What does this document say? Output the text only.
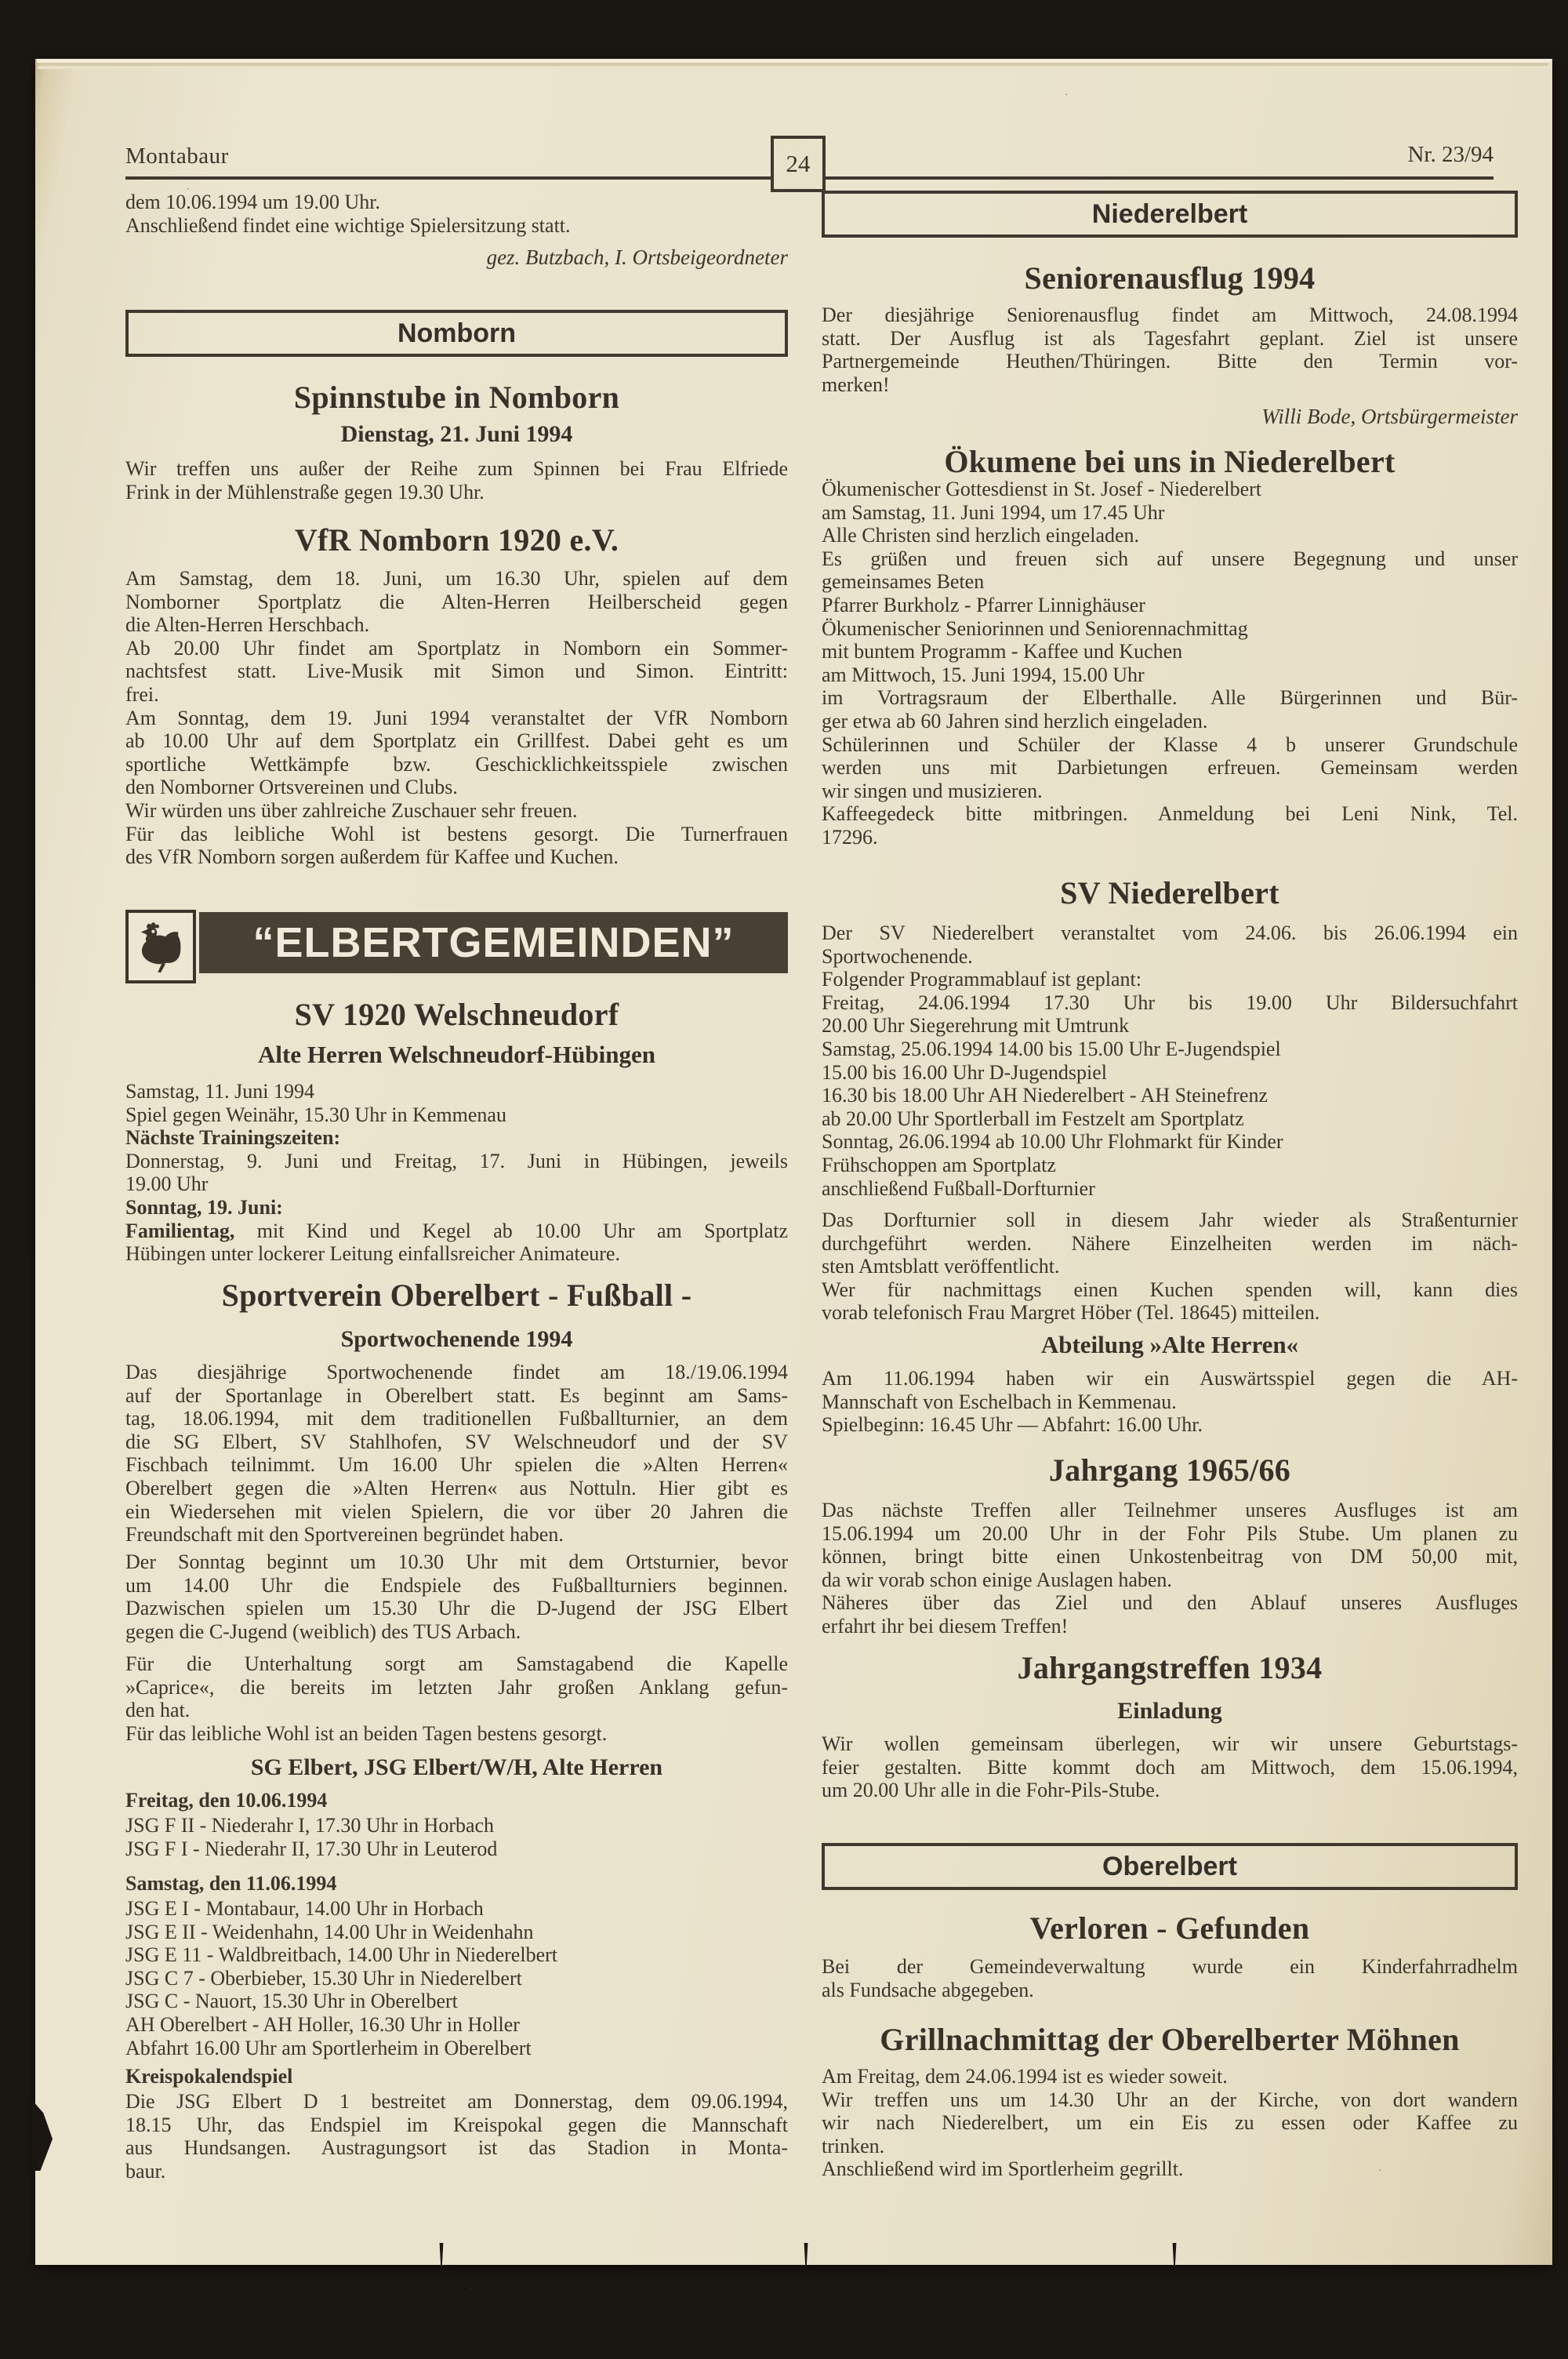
Montabaur	24	Nr. 23/94
dem 10.06.1994 um 19.00 Uhr.
Anschließend findet eine wichtige Spielersitzung statt.
gez. Butzbach, I. Ortsbeigeordneter
Nomborn
Spinnstube in Nomborn
Dienstag, 21. Juni 1994
Wir treffen uns außer der Reihe zum Spinnen bei Frau Elfriede
Frink in der Mühlenstraße gegen 19.30 Uhr.
VfR Nomborn 1920 e.V.
Am Samstag, dem 18. Juni, um 16.30 Uhr, spielen auf dem
Nomborner Sportplatz die Alten-Herren Heilberscheid gegen
die Alten-Herren Herschbach.
Ab 20.00 Uhr findet am Sportplatz in Nomborn ein Sommer-
nachtsfest statt. Live-Musik mit Simon und Simon. Eintritt:
frei.
Am Sonntag, dem 19. Juni 1994 veranstaltet der VfR Nomborn
ab 10.00 Uhr auf dem Sportplatz ein Grillfest. Dabei geht es um
sportliche Wettkämpfe bzw. Geschicklichkeitsspiele zwischen
den Nomborner Ortsvereinen und Clubs.
Wir würden uns über zahlreiche Zuschauer sehr freuen.
Für das leibliche Wohl ist bestens gesorgt. Die Turnerfrauen
des VfR Nomborn sorgen außerdem für Kaffee und Kuchen.
“ELBERTGEMEINDEN”
SV 1920 Welschneudorf
Alte Herren Welschneudorf-Hübingen
Samstag, 11. Juni 1994
Spiel gegen Weinähr, 15.30 Uhr in Kemmenau
Nächste Trainingszeiten:
Donnerstag, 9. Juni und Freitag, 17. Juni in Hübingen, jeweils
19.00 Uhr
Sonntag, 19. Juni:
Familientag, mit Kind und Kegel ab 10.00 Uhr am Sportplatz
Hübingen unter lockerer Leitung einfallsreicher Animateure.
Sportverein Oberelbert - Fußball -
Sportwochenende 1994
Das diesjährige Sportwochenende findet am 18./19.06.1994
auf der Sportanlage in Oberelbert statt. Es beginnt am Sams-
tag, 18.06.1994, mit dem traditionellen Fußballturnier, an dem
die SG Elbert, SV Stahlhofen, SV Welschneudorf und der SV
Fischbach teilnimmt. Um 16.00 Uhr spielen die »Alten Herren«
Oberelbert gegen die »Alten Herren« aus Nottuln. Hier gibt es
ein Wiedersehen mit vielen Spielern, die vor über 20 Jahren die
Freundschaft mit den Sportvereinen begründet haben.
Der Sonntag beginnt um 10.30 Uhr mit dem Ortsturnier, bevor
um 14.00 Uhr die Endspiele des Fußballturniers beginnen.
Dazwischen spielen um 15.30 Uhr die D-Jugend der JSG Elbert
gegen die C-Jugend (weiblich) des TUS Arbach.
Für die Unterhaltung sorgt am Samstagabend die Kapelle
»Caprice«, die bereits im letzten Jahr großen Anklang gefun-
den hat.
Für das leibliche Wohl ist an beiden Tagen bestens gesorgt.
SG Elbert, JSG Elbert/W/H, Alte Herren
Freitag, den 10.06.1994
JSG F II - Niederahr I, 17.30 Uhr in Horbach
JSG F I - Niederahr II, 17.30 Uhr in Leuterod
Samstag, den 11.06.1994
JSG E I - Montabaur, 14.00 Uhr in Horbach
JSG E II - Weidenhahn, 14.00 Uhr in Weidenhahn
JSG E 11 - Waldbreitbach, 14.00 Uhr in Niederelbert
JSG C 7 - Oberbieber, 15.30 Uhr in Niederelbert
JSG C - Nauort, 15.30 Uhr in Oberelbert
AH Oberelbert - AH Holler, 16.30 Uhr in Holler
Abfahrt 16.00 Uhr am Sportlerheim in Oberelbert
Kreispokalendspiel
Die JSG Elbert D 1 bestreitet am Donnerstag, dem 09.06.1994,
18.15 Uhr, das Endspiel im Kreispokal gegen die Mannschaft
aus Hundsangen. Austragungsort ist das Stadion in Monta-
baur.
Niederelbert
Seniorenausflug 1994
Der diesjährige Seniorenausflug findet am Mittwoch, 24.08.1994
statt. Der Ausflug ist als Tagesfahrt geplant. Ziel ist unsere
Partnergemeinde Heuthen/Thüringen. Bitte den Termin vor-
merken!
Willi Bode, Ortsbürgermeister
Ökumene bei uns in Niederelbert
Ökumenischer Gottesdienst in St. Josef - Niederelbert
am Samstag, 11. Juni 1994, um 17.45 Uhr
Alle Christen sind herzlich eingeladen.
Es grüßen und freuen sich auf unsere Begegnung und unser
gemeinsames Beten
Pfarrer Burkholz - Pfarrer Linnighäuser
Ökumenischer Seniorinnen und Seniorennachmittag
mit buntem Programm - Kaffee und Kuchen
am Mittwoch, 15. Juni 1994, 15.00 Uhr
im Vortragsraum der Elberthalle. Alle Bürgerinnen und Bür-
ger etwa ab 60 Jahren sind herzlich eingeladen.
Schülerinnen und Schüler der Klasse 4 b unserer Grundschule
werden uns mit Darbietungen erfreuen. Gemeinsam werden
wir singen und musizieren.
Kaffeegedeck bitte mitbringen. Anmeldung bei Leni Nink, Tel.
17296.
SV Niederelbert
Der SV Niederelbert veranstaltet vom 24.06. bis 26.06.1994 ein
Sportwochenende.
Folgender Programmablauf ist geplant:
Freitag, 24.06.1994 17.30 Uhr bis 19.00 Uhr Bildersuchfahrt
20.00 Uhr Siegerehrung mit Umtrunk
Samstag, 25.06.1994 14.00 bis 15.00 Uhr E-Jugendspiel
15.00 bis 16.00 Uhr D-Jugendspiel
16.30 bis 18.00 Uhr AH Niederelbert - AH Steinefrenz
ab 20.00 Uhr Sportlerball im Festzelt am Sportplatz
Sonntag, 26.06.1994 ab 10.00 Uhr Flohmarkt für Kinder
Frühschoppen am Sportplatz
anschließend Fußball-Dorfturnier
Das Dorfturnier soll in diesem Jahr wieder als Straßenturnier
durchgeführt werden. Nähere Einzelheiten werden im näch-
sten Amtsblatt veröffentlicht.
Wer für nachmittags einen Kuchen spenden will, kann dies
vorab telefonisch Frau Margret Höber (Tel. 18645) mitteilen.
Abteilung »Alte Herren«
Am 11.06.1994 haben wir ein Auswärtsspiel gegen die AH-
Mannschaft von Eschelbach in Kemmenau.
Spielbeginn: 16.45 Uhr — Abfahrt: 16.00 Uhr.
Jahrgang 1965/66
Das nächste Treffen aller Teilnehmer unseres Ausfluges ist am
15.06.1994 um 20.00 Uhr in der Fohr Pils Stube. Um planen zu
können, bringt bitte einen Unkostenbeitrag von DM 50,00 mit,
da wir vorab schon einige Auslagen haben.
Näheres über das Ziel und den Ablauf unseres Ausfluges
erfahrt ihr bei diesem Treffen!
Jahrgangstreffen 1934
Einladung
Wir wollen gemeinsam überlegen, wir wir unsere Geburtstags-
feier gestalten. Bitte kommt doch am Mittwoch, dem 15.06.1994,
um 20.00 Uhr alle in die Fohr-Pils-Stube.
Oberelbert
Verloren - Gefunden
Bei der Gemeindeverwaltung wurde ein Kinderfahrradhelm
als Fundsache abgegeben.
Grillnachmittag der Oberelberter Möhnen
Am Freitag, dem 24.06.1994 ist es wieder soweit.
Wir treffen uns um 14.30 Uhr an der Kirche, von dort wandern
wir nach Niederelbert, um ein Eis zu essen oder Kaffee zu
trinken.
Anschließend wird im Sportlerheim gegrillt.
